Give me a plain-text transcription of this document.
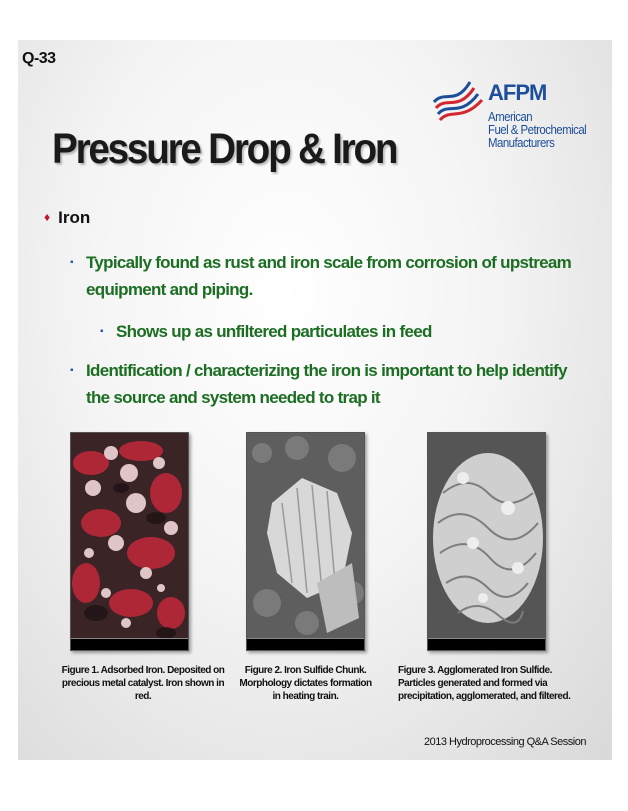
Q-33
AFPM
American
Fuel & Petrochemical
Manufacturers
Pressure Drop & Iron
♦ Iron
▪ Typically found as rust and iron scale from corrosion of upstream equipment and piping.
▪ Shows up as unfiltered particulates in feed
▪ Identification / characterizing the iron is important to help identify the source and system needed to trap it
Figure 1. Adsorbed Iron. Deposited on precious metal catalyst. Iron shown in red.
Figure 2. Iron Sulfide Chunk. Morphology dictates formation in heating train.
Figure 3. Agglomerated Iron Sulfide. Particles generated and formed via precipitation, agglomerated, and filtered.
2013 Hydroprocessing Q&A Session
